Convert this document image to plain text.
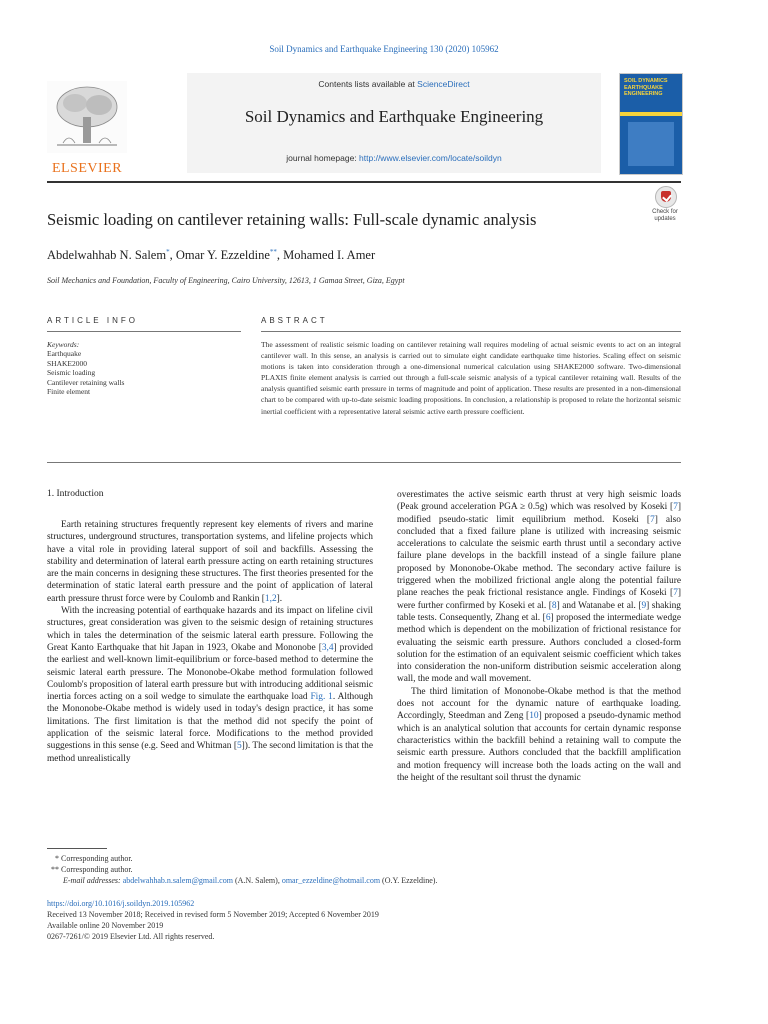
Soil Dynamics and Earthquake Engineering 130 (2020) 105962
ELSEVIER
Contents lists available at ScienceDirect
Soil Dynamics and Earthquake Engineering
journal homepage: http://www.elsevier.com/locate/soildyn
SOIL DYNAMICS EARTHQUAKE ENGINEERING
Seismic loading on cantilever retaining walls: Full-scale dynamic analysis	Check for updates
Abdelwahhab N. Salem*, Omar Y. Ezzeldine**, Mohamed I. Amer
Soil Mechanics and Foundation, Faculty of Engineering, Cairo University, 12613, 1 Gamaa Street, Giza, Egypt
ARTICLE INFO	ABSTRACT
Keywords:
Earthquake
SHAKE2000
Seismic loading
Cantilever retaining walls
Finite element

The assessment of realistic seismic loading on cantilever retaining wall requires modeling of actual seismic events to act on an integral cantilever wall. In this sense, an analysis is carried out to simulate eight candidate earthquake time histories. Scaling effect on seismic motions is taken into consideration through a one-dimensional numerical calculation using SHAKE2000 software. Two-dimensional PLAXIS finite element analysis is carried out through a full-scale seismic analysis of a typical cantilever retaining wall. Results of the analysis quantified seismic earth pressure in terms of magnitude and point of application. These results are presented in a non-dimensional chart to be compared with up-to-date seismic loading propositions. In conclusion, a relationship is proposed to relate the horizontal seismic inertial coefficient with a representative lateral seismic active earth pressure coefficient.

1. Introduction

Earth retaining structures frequently represent key elements of rivers and marine structures, underground structures, transportation systems, and lifeline projects which have a vital role in providing lateral support of soil and backfills. Assessing the stability and determination of lateral earth pressure acting on earth retaining structures are the main concerns in designing these structures. The first theories presented for the determination of static lateral earth pressure and the point of application of lateral earth pressure thrust force were by Coulomb and Rankin [1,2].

With the increasing potential of earthquake hazards and its impact on lifeline civil structures, great consideration was given to the seismic design of retaining structures which in tales the determination of the seismic lateral earth pressure. Following the Great Kanto Earthquake that hit Japan in 1923, Okabe and Mononobe [3,4] provided the earliest and well-known limit-equilibrium or force-based method to determine the seismic lateral earth pressure. The Mononobe-Okabe method formulation followed Coulomb's proposition of lateral earth pressure but with introducing additional seismic inertia forces acting on a soil wedge to simulate the earthquake load Fig. 1. Although the Mononobe-Okabe method is widely used in today's design practice, it has some limitations. The first limitation is that the method did not specify the point of application of the seismic lateral force. Modifications to the method provided suggestions in this sense (e.g. Seed and Whitman [5]). The second limitation is that the method unrealistically

overestimates the active seismic earth thrust at very high seismic loads (Peak ground acceleration PGA ≥ 0.5g) which was resolved by Koseki [7] modified pseudo-static limit equilibrium method. Koseki [7] also concluded that a fixed failure plane is utilized with increasing seismic accelerations to calculate the seismic earth thrust until a secondary active failure plane develops in the backfill instead of a single failure plane proposed by Mononobe-Okabe method. The secondary active failure is triggered when the mobilized frictional angle along the potential failure plane reaches the peak frictional resistance angle. Findings of Koseki [7] were further confirmed by Koseki et al. [8] and Watanabe et al. [9] shaking table tests. Consequently, Zhang et al. [6] proposed the intermediate wedge method which is dependent on the mobilization of frictional resistance for evaluating the seismic earth pressure. Authors concluded a closed-form solution for the estimation of an equivalent seismic coefficient which takes into consideration the non-uniform distribution seismic acceleration along wall, the mode and wall movement.

The third limitation of Mononobe-Okabe method is that the method does not account for the dynamic nature of earthquake loading. Accordingly, Steedman and Zeng [10] proposed a pseudo-dynamic method which is an analytical solution that accounts for certain dynamic response characteristics within the backfill behind a retaining wall to compute the seismic earth pressure. Authors concluded that the backfill amplification and motion frequency will increase both the loads acting on the wall and the height of the resultant soil thrust the dynamic

* Corresponding author.
** Corresponding author.
E-mail addresses: abdelwahhab.n.salem@gmail.com (A.N. Salem), omar_ezzeldine@hotmail.com (O.Y. Ezzeldine).
https://doi.org/10.1016/j.soildyn.2019.105962
Received 13 November 2018; Received in revised form 5 November 2019; Accepted 6 November 2019
Available online 20 November 2019
0267-7261/© 2019 Elsevier Ltd. All rights reserved.
